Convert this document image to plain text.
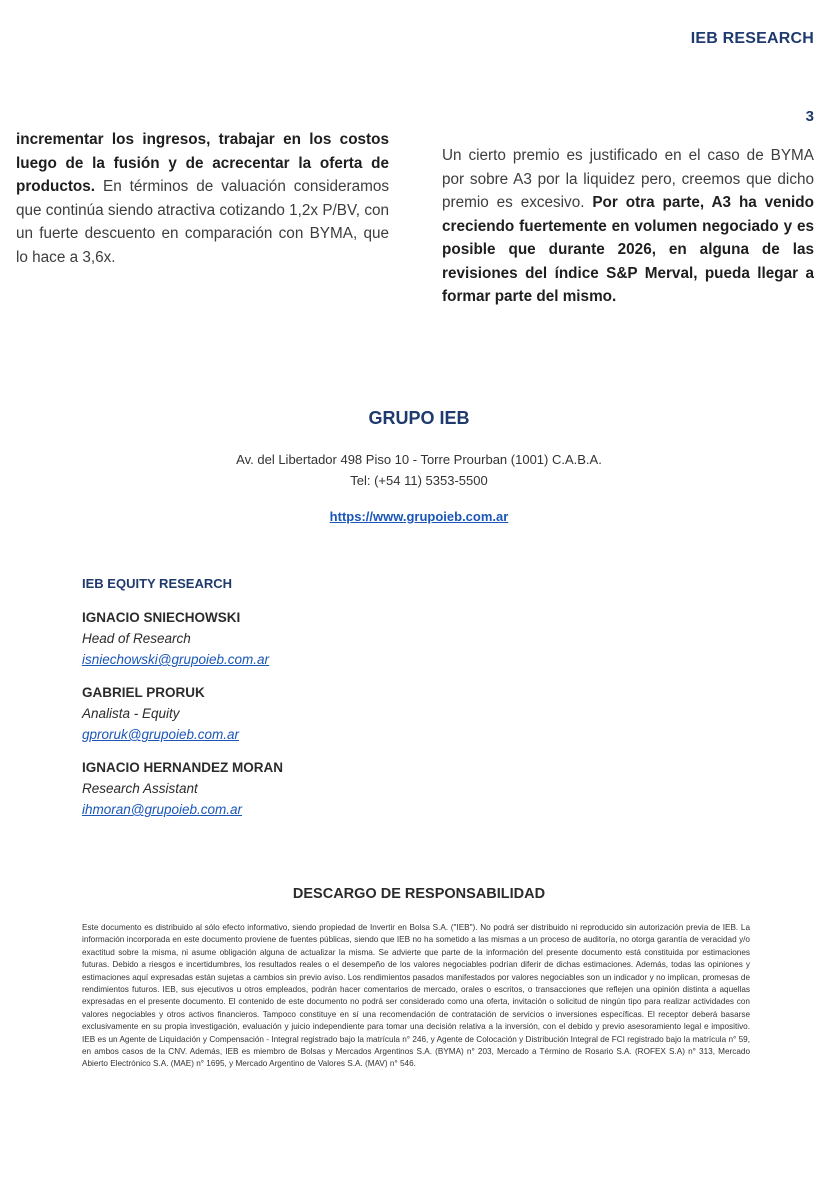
IEB RESEARCH
3
incrementar los ingresos, trabajar en los costos luego de la fusión y de acrecentar la oferta de productos. En términos de valuación consideramos que continúa siendo atractiva cotizando 1,2x P/BV, con un fuerte descuento en comparación con BYMA, que lo hace a 3,6x.
Un cierto premio es justificado en el caso de BYMA por sobre A3 por la liquidez pero, creemos que dicho premio es excesivo. Por otra parte, A3 ha venido creciendo fuertemente en volumen negociado y es posible que durante 2026, en alguna de las revisiones del índice S&P Merval, pueda llegar a formar parte del mismo.
GRUPO IEB
Av. del Libertador 498 Piso 10 - Torre Prourban (1001) C.A.B.A.
Tel: (+54 11) 5353-5500
https://www.grupoieb.com.ar
IEB EQUITY RESEARCH
IGNACIO SNIECHOWSKI
Head of Research
isniechowski@grupoieb.com.ar
GABRIEL PRORUK
Analista - Equity
gproruk@grupoieb.com.ar
IGNACIO HERNANDEZ MORAN
Research Assistant
ihmoran@grupoieb.com.ar
DESCARGO DE RESPONSABILIDAD
Este documento es distribuido al sólo efecto informativo, siendo propiedad de Invertir en Bolsa S.A. ("IEB"). No podrá ser distribuido ni reproducido sin autorización previa de IEB. La información incorporada en este documento proviene de fuentes públicas, siendo que IEB no ha sometido a las mismas a un proceso de auditoría, no otorga garantía de veracidad y/o exactitud sobre la misma, ni asume obligación alguna de actualizar la misma. Se advierte que parte de la información del presente documento está constituida por estimaciones futuras. Debido a riesgos e incertidumbres, los resultados reales o el desempeño de los valores negociables podrían diferir de dichas estimaciones. Además, todas las opiniones y estimaciones aquí expresadas están sujetas a cambios sin previo aviso. Los rendimientos pasados manifestados por valores negociables son un indicador y no implican, promesas de rendimientos futuros. IEB, sus ejecutivos u otros empleados, podrán hacer comentarios de mercado, orales o escritos, o transacciones que reflejen una opinión distinta a aquellas expresadas en el presente documento. El contenido de este documento no podrá ser considerado como una oferta, invitación o solicitud de ningún tipo para realizar actividades con valores negociables y otros activos financieros. Tampoco constituye en sí una recomendación de contratación de servicios o inversiones específicas. El receptor deberá basarse exclusivamente en su propia investigación, evaluación y juicio independiente para tomar una decisión relativa a la inversión, con el debido y previo asesoramiento legal e impositivo. IEB es un Agente de Liquidación y Compensación - Integral registrado bajo la matrícula n° 246, y Agente de Colocación y Distribución Integral de FCI registrado bajo la matrícula n° 59, en ambos casos de la CNV. Además, IEB es miembro de Bolsas y Mercados Argentinos S.A. (BYMA) n° 203, Mercado a Término de Rosario S.A. (ROFEX S.A) n° 313, Mercado Abierto Electrónico S.A. (MAE) n° 1695, y Mercado Argentino de Valores S.A. (MAV) n° 546.
